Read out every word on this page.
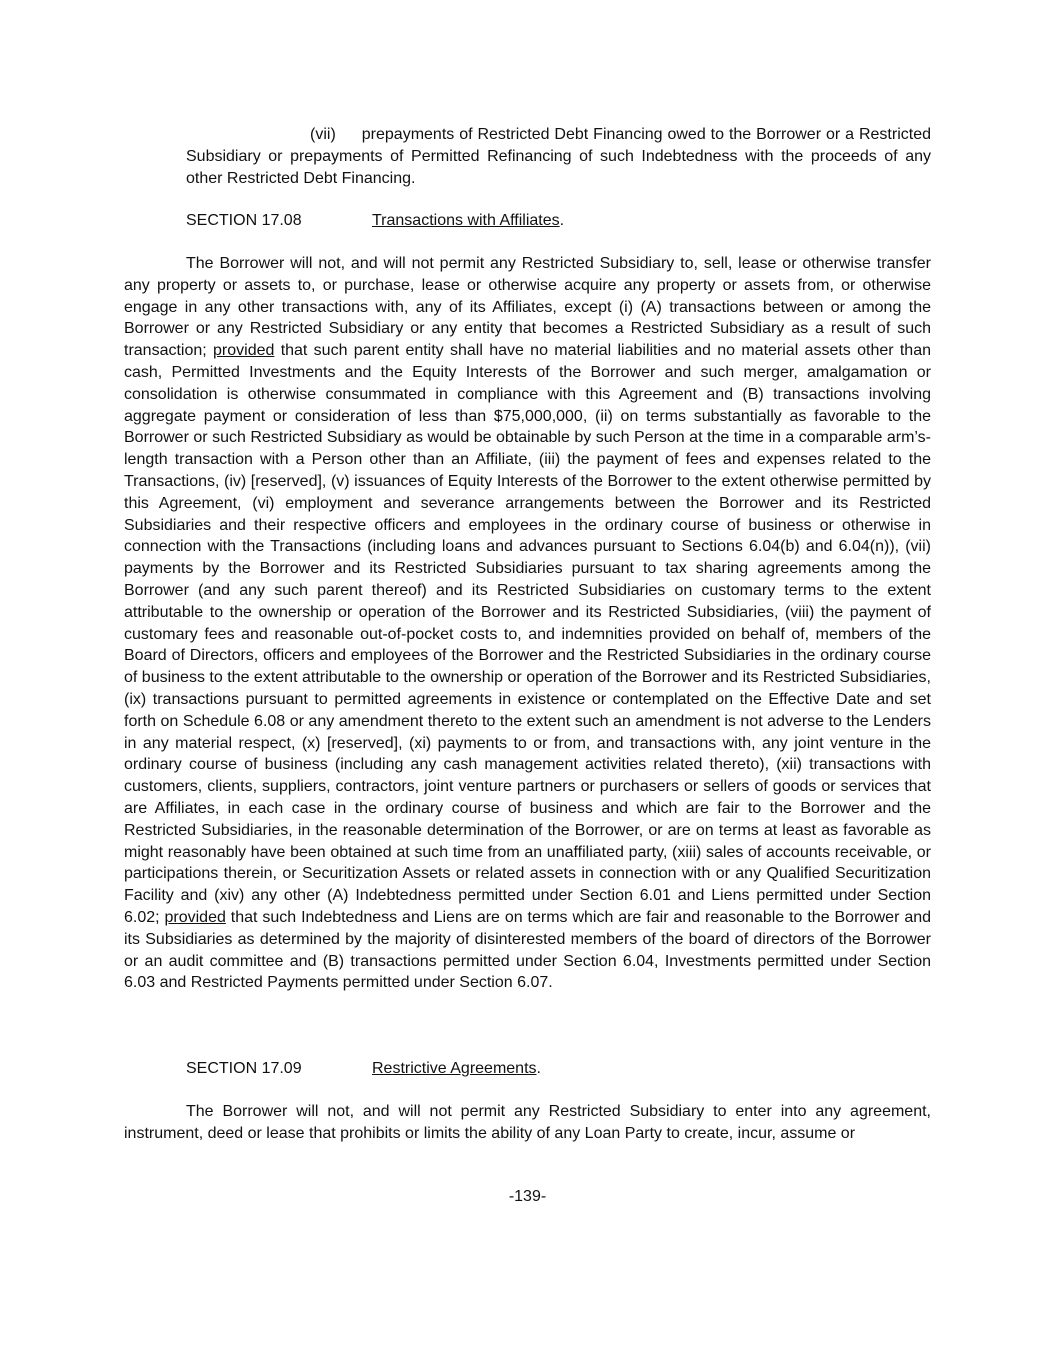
(vii) prepayments of Restricted Debt Financing owed to the Borrower or a Restricted Subsidiary or prepayments of Permitted Refinancing of such Indebtedness with the proceeds of any other Restricted Debt Financing.

SECTION 17.08	Transactions with Affiliates.

The Borrower will not, and will not permit any Restricted Subsidiary to, sell, lease or otherwise transfer any property or assets to, or purchase, lease or otherwise acquire any property or assets from, or otherwise engage in any other transactions with, any of its Affiliates, except (i) (A) transactions between or among the Borrower or any Restricted Subsidiary or any entity that becomes a Restricted Subsidiary as a result of such transaction; provided that such parent entity shall have no material liabilities and no material assets other than cash, Permitted Investments and the Equity Interests of the Borrower and such merger, amalgamation or consolidation is otherwise consummated in compliance with this Agreement and (B) transactions involving aggregate payment or consideration of less than $75,000,000, (ii) on terms substantially as favorable to the Borrower or such Restricted Subsidiary as would be obtainable by such Person at the time in a comparable arm’s-length transaction with a Person other than an Affiliate, (iii) the payment of fees and expenses related to the Transactions, (iv) [reserved], (v) issuances of Equity Interests of the Borrower to the extent otherwise permitted by this Agreement, (vi) employment and severance arrangements between the Borrower and its Restricted Subsidiaries and their respective officers and employees in the ordinary course of business or otherwise in connection with the Transactions (including loans and advances pursuant to Sections 6.04(b) and 6.04(n)), (vii) payments by the Borrower and its Restricted Subsidiaries pursuant to tax sharing agreements among the Borrower (and any such parent thereof) and its Restricted Subsidiaries on customary terms to the extent attributable to the ownership or operation of the Borrower and its Restricted Subsidiaries, (viii) the payment of customary fees and reasonable out-of-pocket costs to, and indemnities provided on behalf of, members of the Board of Directors, officers and employees of the Borrower and the Restricted Subsidiaries in the ordinary course of business to the extent attributable to the ownership or operation of the Borrower and its Restricted Subsidiaries, (ix) transactions pursuant to permitted agreements in existence or contemplated on the Effective Date and set forth on Schedule 6.08 or any amendment thereto to the extent such an amendment is not adverse to the Lenders in any material respect, (x) [reserved], (xi) payments to or from, and transactions with, any joint venture in the ordinary course of business (including any cash management activities related thereto), (xii) transactions with customers, clients, suppliers, contractors, joint venture partners or purchasers or sellers of goods or services that are Affiliates, in each case in the ordinary course of business and which are fair to the Borrower and the Restricted Subsidiaries, in the reasonable determination of the Borrower, or are on terms at least as favorable as might reasonably have been obtained at such time from an unaffiliated party, (xiii) sales of accounts receivable, or participations therein, or Securitization Assets or related assets in connection with or any Qualified Securitization Facility and (xiv) any other (A) Indebtedness permitted under Section 6.01 and Liens permitted under Section 6.02; provided that such Indebtedness and Liens are on terms which are fair and reasonable to the Borrower and its Subsidiaries as determined by the majority of disinterested members of the board of directors of the Borrower or an audit committee and (B) transactions permitted under Section 6.04, Investments permitted under Section 6.03 and Restricted Payments permitted under Section 6.07.

SECTION 17.09	Restrictive Agreements.

The Borrower will not, and will not permit any Restricted Subsidiary to enter into any agreement, instrument, deed or lease that prohibits or limits the ability of any Loan Party to create, incur, assume or

-139-
